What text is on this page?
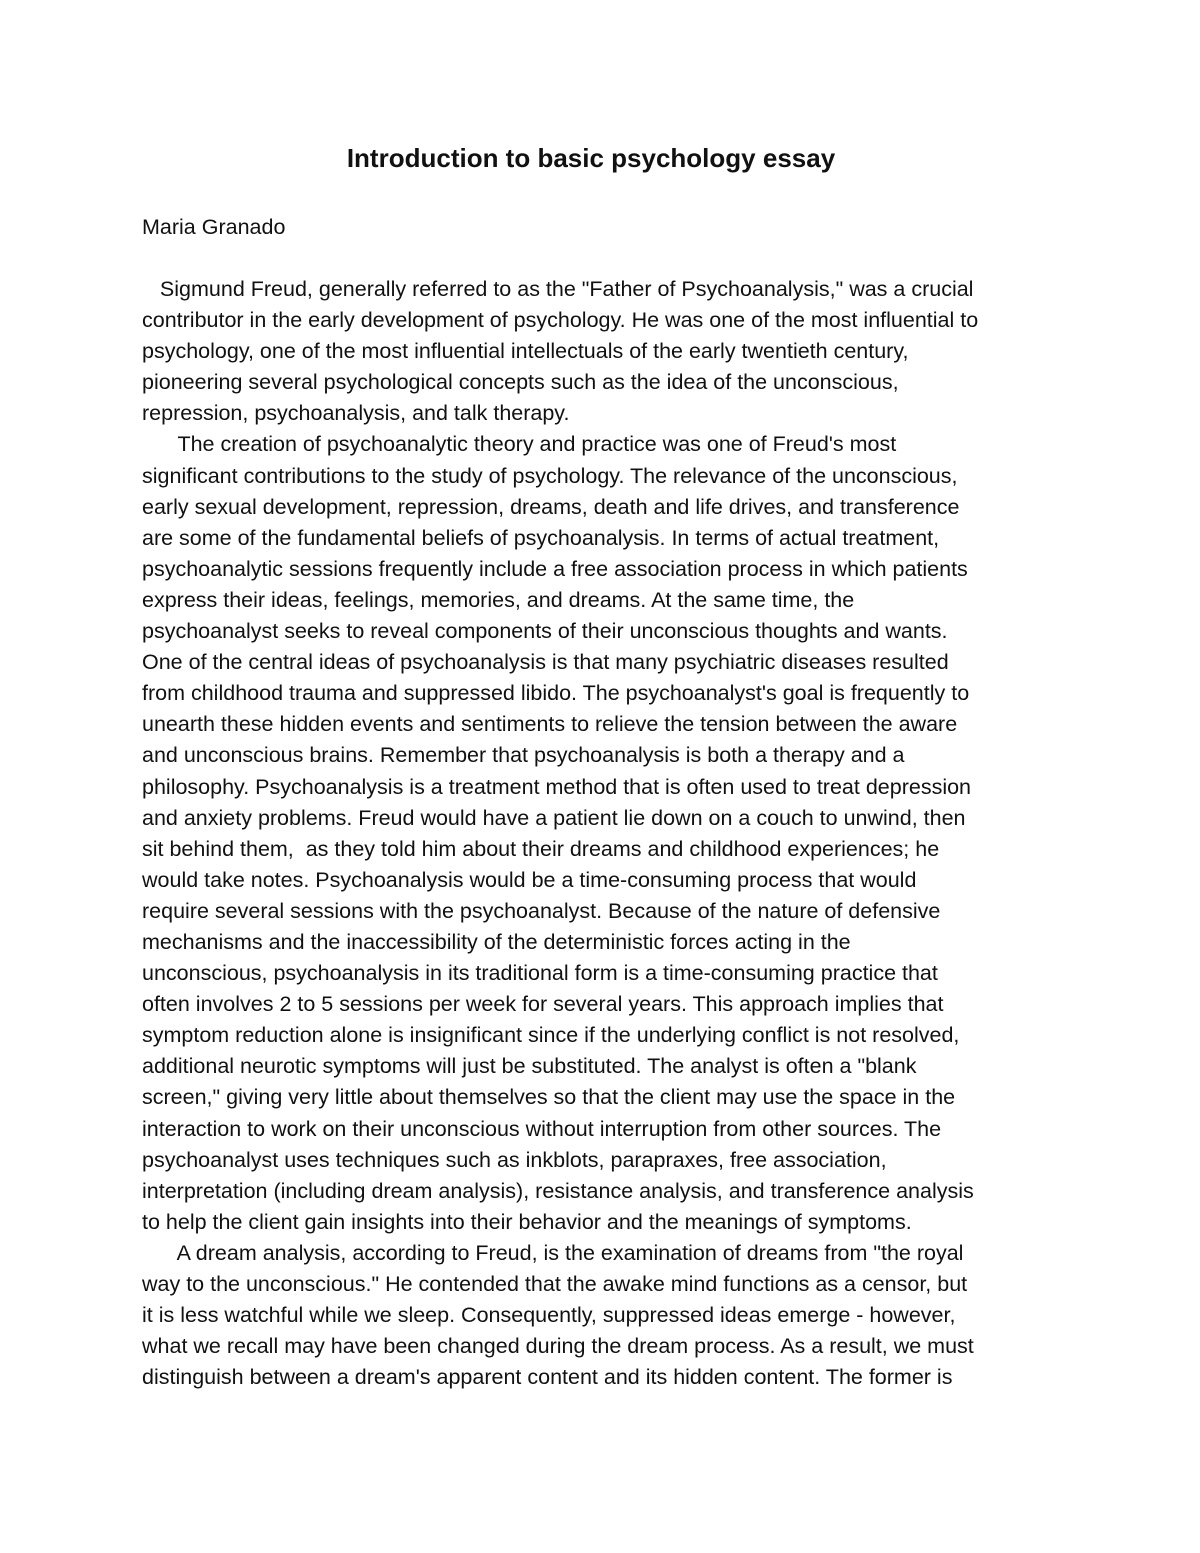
Introduction to basic psychology essay

Maria Granado

Sigmund Freud, generally referred to as the "Father of Psychoanalysis," was a crucial
contributor in the early development of psychology. He was one of the most influential to
psychology, one of the most influential intellectuals of the early twentieth century,
pioneering several psychological concepts such as the idea of the unconscious,
repression, psychoanalysis, and talk therapy.
The creation of psychoanalytic theory and practice was one of Freud's most
significant contributions to the study of psychology. The relevance of the unconscious,
early sexual development, repression, dreams, death and life drives, and transference
are some of the fundamental beliefs of psychoanalysis. In terms of actual treatment,
psychoanalytic sessions frequently include a free association process in which patients
express their ideas, feelings, memories, and dreams. At the same time, the
psychoanalyst seeks to reveal components of their unconscious thoughts and wants.
One of the central ideas of psychoanalysis is that many psychiatric diseases resulted
from childhood trauma and suppressed libido. The psychoanalyst's goal is frequently to
unearth these hidden events and sentiments to relieve the tension between the aware
and unconscious brains. Remember that psychoanalysis is both a therapy and a
philosophy. Psychoanalysis is a treatment method that is often used to treat depression
and anxiety problems. Freud would have a patient lie down on a couch to unwind, then
sit behind them,  as they told him about their dreams and childhood experiences; he
would take notes. Psychoanalysis would be a time-consuming process that would
require several sessions with the psychoanalyst. Because of the nature of defensive
mechanisms and the inaccessibility of the deterministic forces acting in the
unconscious, psychoanalysis in its traditional form is a time-consuming practice that
often involves 2 to 5 sessions per week for several years. This approach implies that
symptom reduction alone is insignificant since if the underlying conflict is not resolved,
additional neurotic symptoms will just be substituted. The analyst is often a "blank
screen," giving very little about themselves so that the client may use the space in the
interaction to work on their unconscious without interruption from other sources. The
psychoanalyst uses techniques such as inkblots, parapraxes, free association,
interpretation (including dream analysis), resistance analysis, and transference analysis
to help the client gain insights into their behavior and the meanings of symptoms.
A dream analysis, according to Freud, is the examination of dreams from "the royal
way to the unconscious." He contended that the awake mind functions as a censor, but
it is less watchful while we sleep. Consequently, suppressed ideas emerge - however,
what we recall may have been changed during the dream process. As a result, we must
distinguish between a dream's apparent content and its hidden content. The former is
